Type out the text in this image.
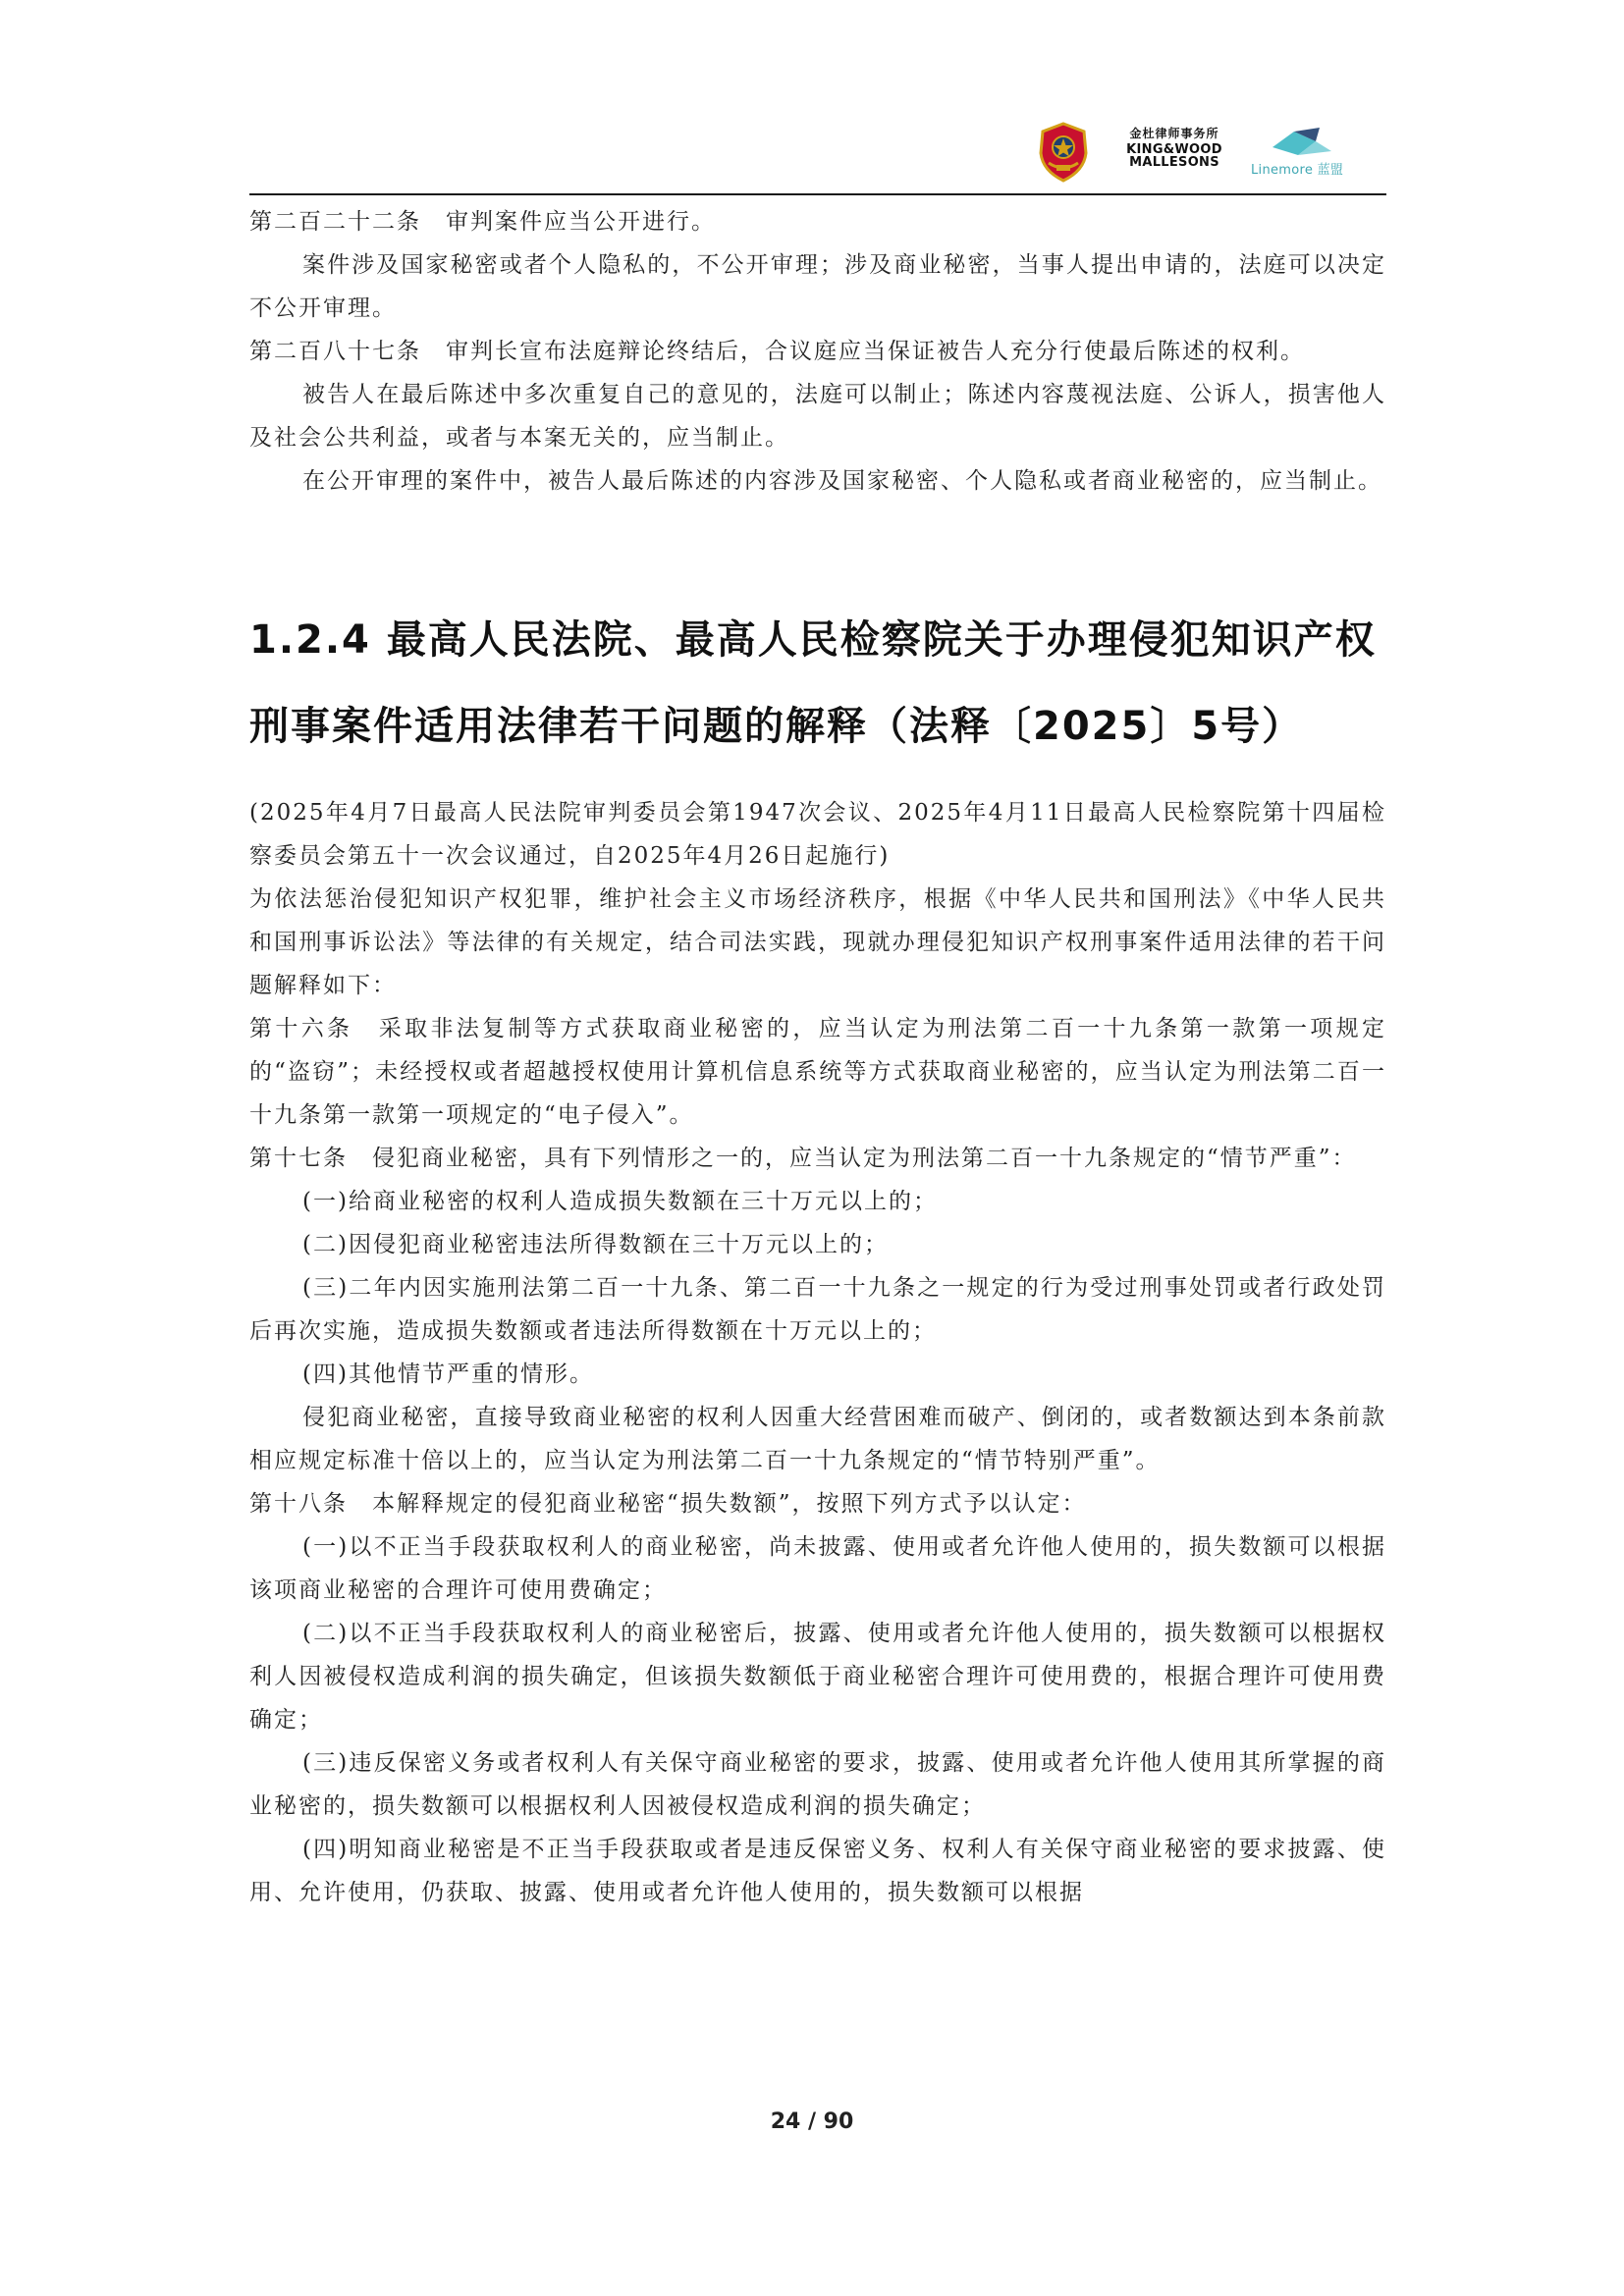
金杜律师事务所
KING&WOOD
MALLESONS
Linemore 蓝盟

第二百二十二条　审判案件应当公开进行。

案件涉及国家秘密或者个人隐私的，不公开审理；涉及商业秘密，当事人提出申请的，法庭可以决定不公开审理。

第二百八十七条　审判长宣布法庭辩论终结后，合议庭应当保证被告人充分行使最后陈述的权利。

被告人在最后陈述中多次重复自己的意见的，法庭可以制止；陈述内容蔑视法庭、公诉人，损害他人及社会公共利益，或者与本案无关的，应当制止。

在公开审理的案件中，被告人最后陈述的内容涉及国家秘密、个人隐私或者商业秘密的，应当制止。

1.2.4 最高人民法院、最高人民检察院关于办理侵犯知识产权刑事案件适用法律若干问题的解释（法释〔2025〕5号）

(2025年4月7日最高人民法院审判委员会第1947次会议、2025年4月11日最高人民检察院第十四届检察委员会第五十一次会议通过，自2025年4月26日起施行)

为依法惩治侵犯知识产权犯罪，维护社会主义市场经济秩序，根据《中华人民共和国刑法》《中华人民共和国刑事诉讼法》等法律的有关规定，结合司法实践，现就办理侵犯知识产权刑事案件适用法律的若干问题解释如下：

第十六条　采取非法复制等方式获取商业秘密的，应当认定为刑法第二百一十九条第一款第一项规定的“盗窃”；未经授权或者超越授权使用计算机信息系统等方式获取商业秘密的，应当认定为刑法第二百一十九条第一款第一项规定的“电子侵入”。

第十七条　侵犯商业秘密，具有下列情形之一的，应当认定为刑法第二百一十九条规定的“情节严重”：

(一)给商业秘密的权利人造成损失数额在三十万元以上的；

(二)因侵犯商业秘密违法所得数额在三十万元以上的；

(三)二年内因实施刑法第二百一十九条、第二百一十九条之一规定的行为受过刑事处罚或者行政处罚后再次实施，造成损失数额或者违法所得数额在十万元以上的；

(四)其他情节严重的情形。

侵犯商业秘密，直接导致商业秘密的权利人因重大经营困难而破产、倒闭的，或者数额达到本条前款相应规定标准十倍以上的，应当认定为刑法第二百一十九条规定的“情节特别严重”。

第十八条　本解释规定的侵犯商业秘密“损失数额”，按照下列方式予以认定：

(一)以不正当手段获取权利人的商业秘密，尚未披露、使用或者允许他人使用的，损失数额可以根据该项商业秘密的合理许可使用费确定；

(二)以不正当手段获取权利人的商业秘密后，披露、使用或者允许他人使用的，损失数额可以根据权利人因被侵权造成利润的损失确定，但该损失数额低于商业秘密合理许可使用费的，根据合理许可使用费确定；

(三)违反保密义务或者权利人有关保守商业秘密的要求，披露、使用或者允许他人使用其所掌握的商业秘密的，损失数额可以根据权利人因被侵权造成利润的损失确定；

(四)明知商业秘密是不正当手段获取或者是违反保密义务、权利人有关保守商业秘密的要求披露、使用、允许使用，仍获取、披露、使用或者允许他人使用的，损失数额可以根据

24 / 90
